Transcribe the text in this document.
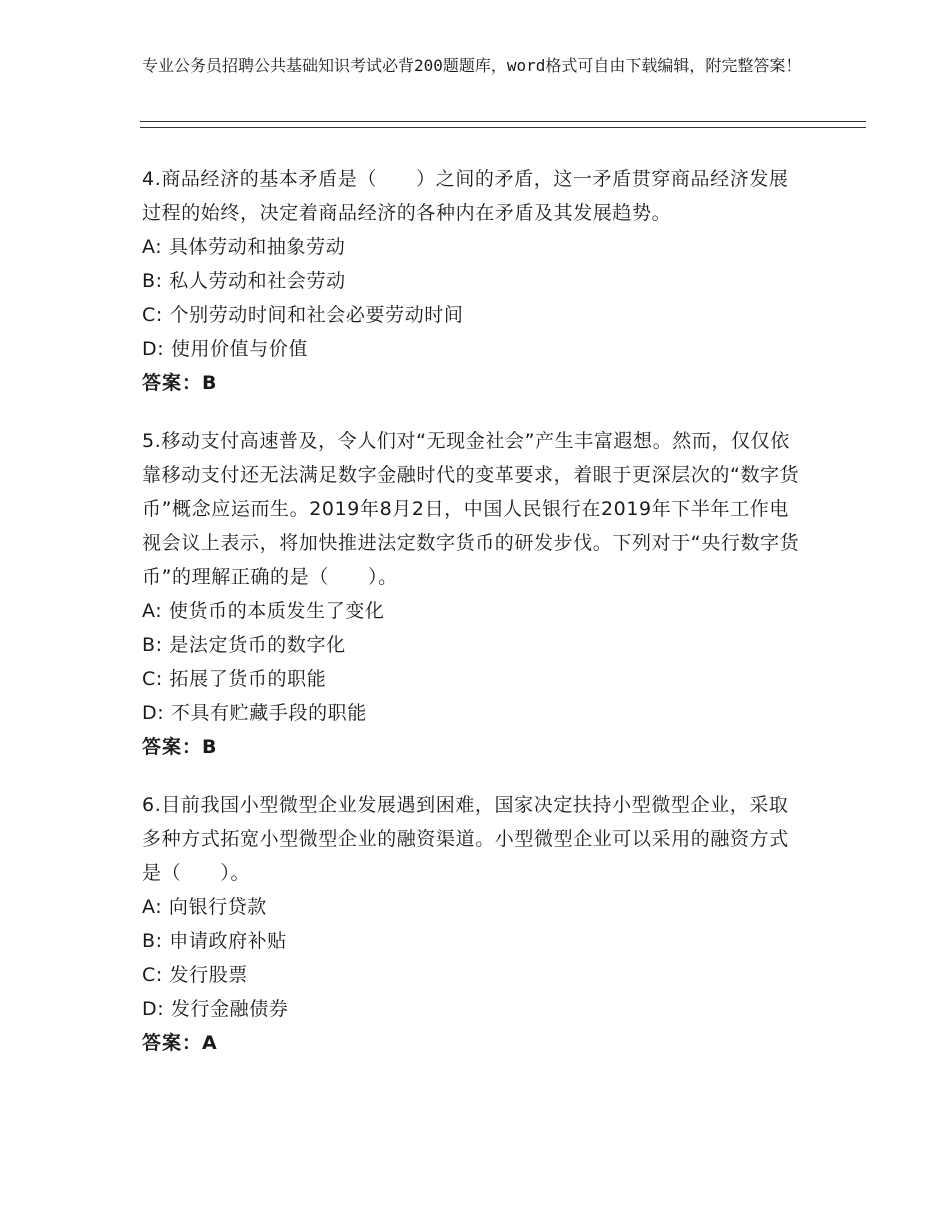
专业公务员招聘公共基础知识考试必背200题题库，word格式可自由下载编辑，附完整答案！
4.商品经济的基本矛盾是（　　）之间的矛盾，这一矛盾贯穿商品经济发展过程的始终，决定着商品经济的各种内在矛盾及其发展趋势。
A: 具体劳动和抽象劳动
B: 私人劳动和社会劳动
C: 个别劳动时间和社会必要劳动时间
D: 使用价值与价值
答案：B
5.移动支付高速普及，令人们对“无现金社会”产生丰富遐想。然而，仅仅依靠移动支付还无法满足数字金融时代的变革要求，着眼于更深层次的“数字货币”概念应运而生。2019年8月2日，中国人民银行在2019年下半年工作电视会议上表示，将加快推进法定数字货币的研发步伐。下列对于“央行数字货币”的理解正确的是（　　）。
A: 使货币的本质发生了变化
B: 是法定货币的数字化
C: 拓展了货币的职能
D: 不具有贮藏手段的职能
答案：B
6.目前我国小型微型企业发展遇到困难，国家决定扶持小型微型企业，采取多种方式拓宽小型微型企业的融资渠道。小型微型企业可以采用的融资方式是（　　）。
A: 向银行贷款
B: 申请政府补贴
C: 发行股票
D: 发行金融债券
答案：A
